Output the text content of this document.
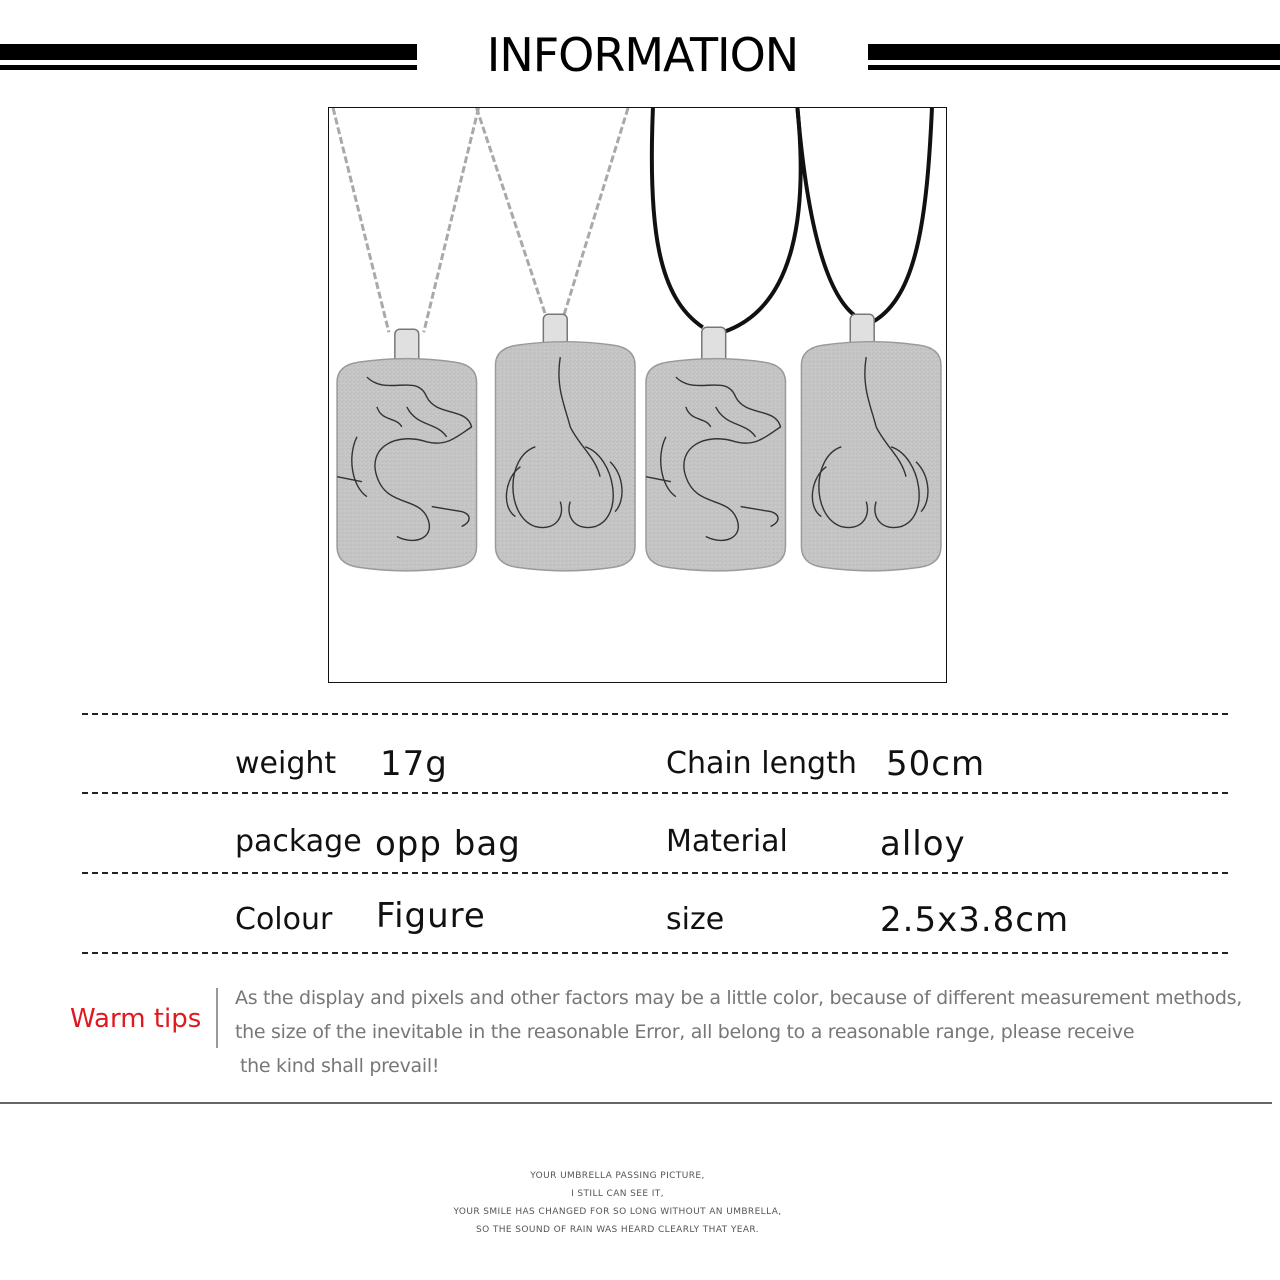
INFORMATION
weight 17g	Chain length 50cm
package opp bag	Material	alloy
Colour Figure	size	2.5x3.8cm
Warm tips
As the display and pixels and other factors may be a little color, because of different measurement methods,
the size of the inevitable in the reasonable Error, all belong to a reasonable range, please receive
the kind shall prevail!
YOUR UMBRELLA PASSING PICTURE,
I STILL CAN SEE IT,
YOUR SMILE HAS CHANGED FOR SO LONG WITHOUT AN UMBRELLA,
SO THE SOUND OF RAIN WAS HEARD CLEARLY THAT YEAR.
